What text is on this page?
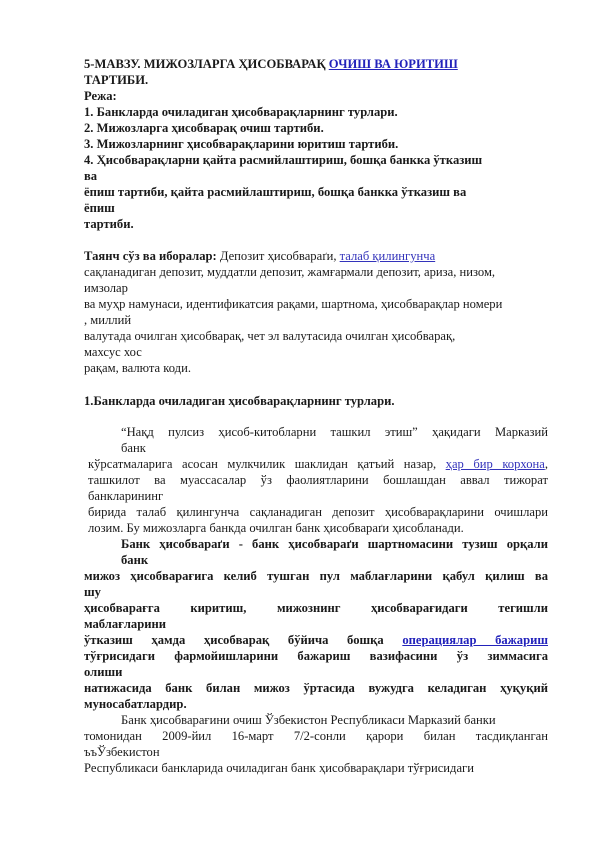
5-МАВЗУ. МИЖОЗЛАРГА ҲИСОБВАРАҚ ОЧИШ ВА ЮРИТИШ
ТАРТИБИ.
Режа:
1. Банкларда очиладиган ҳисобварақларнинг турлари.
2. Мижозларга ҳисобварақ очиш тартиби.
3. Мижозларнинг ҳисобварақларини юритиш тартиби.
4. Ҳисобварақларни қайта расмийлаштириш, бошқа банкка ўтказиш
ва
ёпиш тартиби, қайта расмийлаштириш, бошқа банкка ўтказиш ва
ёпиш
тартиби.
Таянч сўз ва иборалар: Депозит ҳисобвараґи, талаб қилингунча
сақланадиган депозит, муддатли депозит, жамғармали депозит, ариза, низом,
имзолар
ва муҳр намунаси, идентификатсия рақами, шартнома, ҳисобварақлар номери
, миллий
валутада очилган ҳисобварақ, чет эл валутасида очилган ҳисобварақ,
махсус хос
рақам, валюта коди.
1.Банкларда очиладиган ҳисобварақларнинг турлари.
“Нақд пулсиз ҳисоб-китобларни ташкил этиш” ҳақидаги Марказий
банк
кўрсатмаларига асосан мулкчилик шаклидан қатъий назар, ҳар бир корхона,
ташкилот ва муассасалар ўз фаолиятларини бошлашдан аввал тижорат
банкларининг
бирида талаб қилингунча сақланадиган депозит ҳисобварақларини очишлари
лозим. Бу мижозларга банкда очилган банк ҳисобвараґи ҳисобланади.
Банк ҳисобвараґи - банк ҳисобвараґи шартномасини тузиш орқали
банк
мижоз ҳисобварағига келиб тушган пул маблағларини қабул қилиш ва
шу
ҳисобварағга киритиш, мижознинг ҳисобварағидаги тегишли
маблағларини
ўтказиш ҳамда ҳисобварақ бўйича бошқа операциялар бажариш
тўғрисидаги фармойишларини бажариш вазифасини ўз зиммасига
олиши
натижасида банк билан мижоз ўртасида вужудга келадиган ҳуқуқий
муносабатлардир.
Банк ҳисобварағини очиш Ўзбекистон Республикаси Марказий банки
томонидан 2009-йил 16-март 7/2-сонли қарори билан тасдиқланган
ъъЎзбекистон
Республикаси банкларида очиладиган банк ҳисобварақлари тўғрисидаги
